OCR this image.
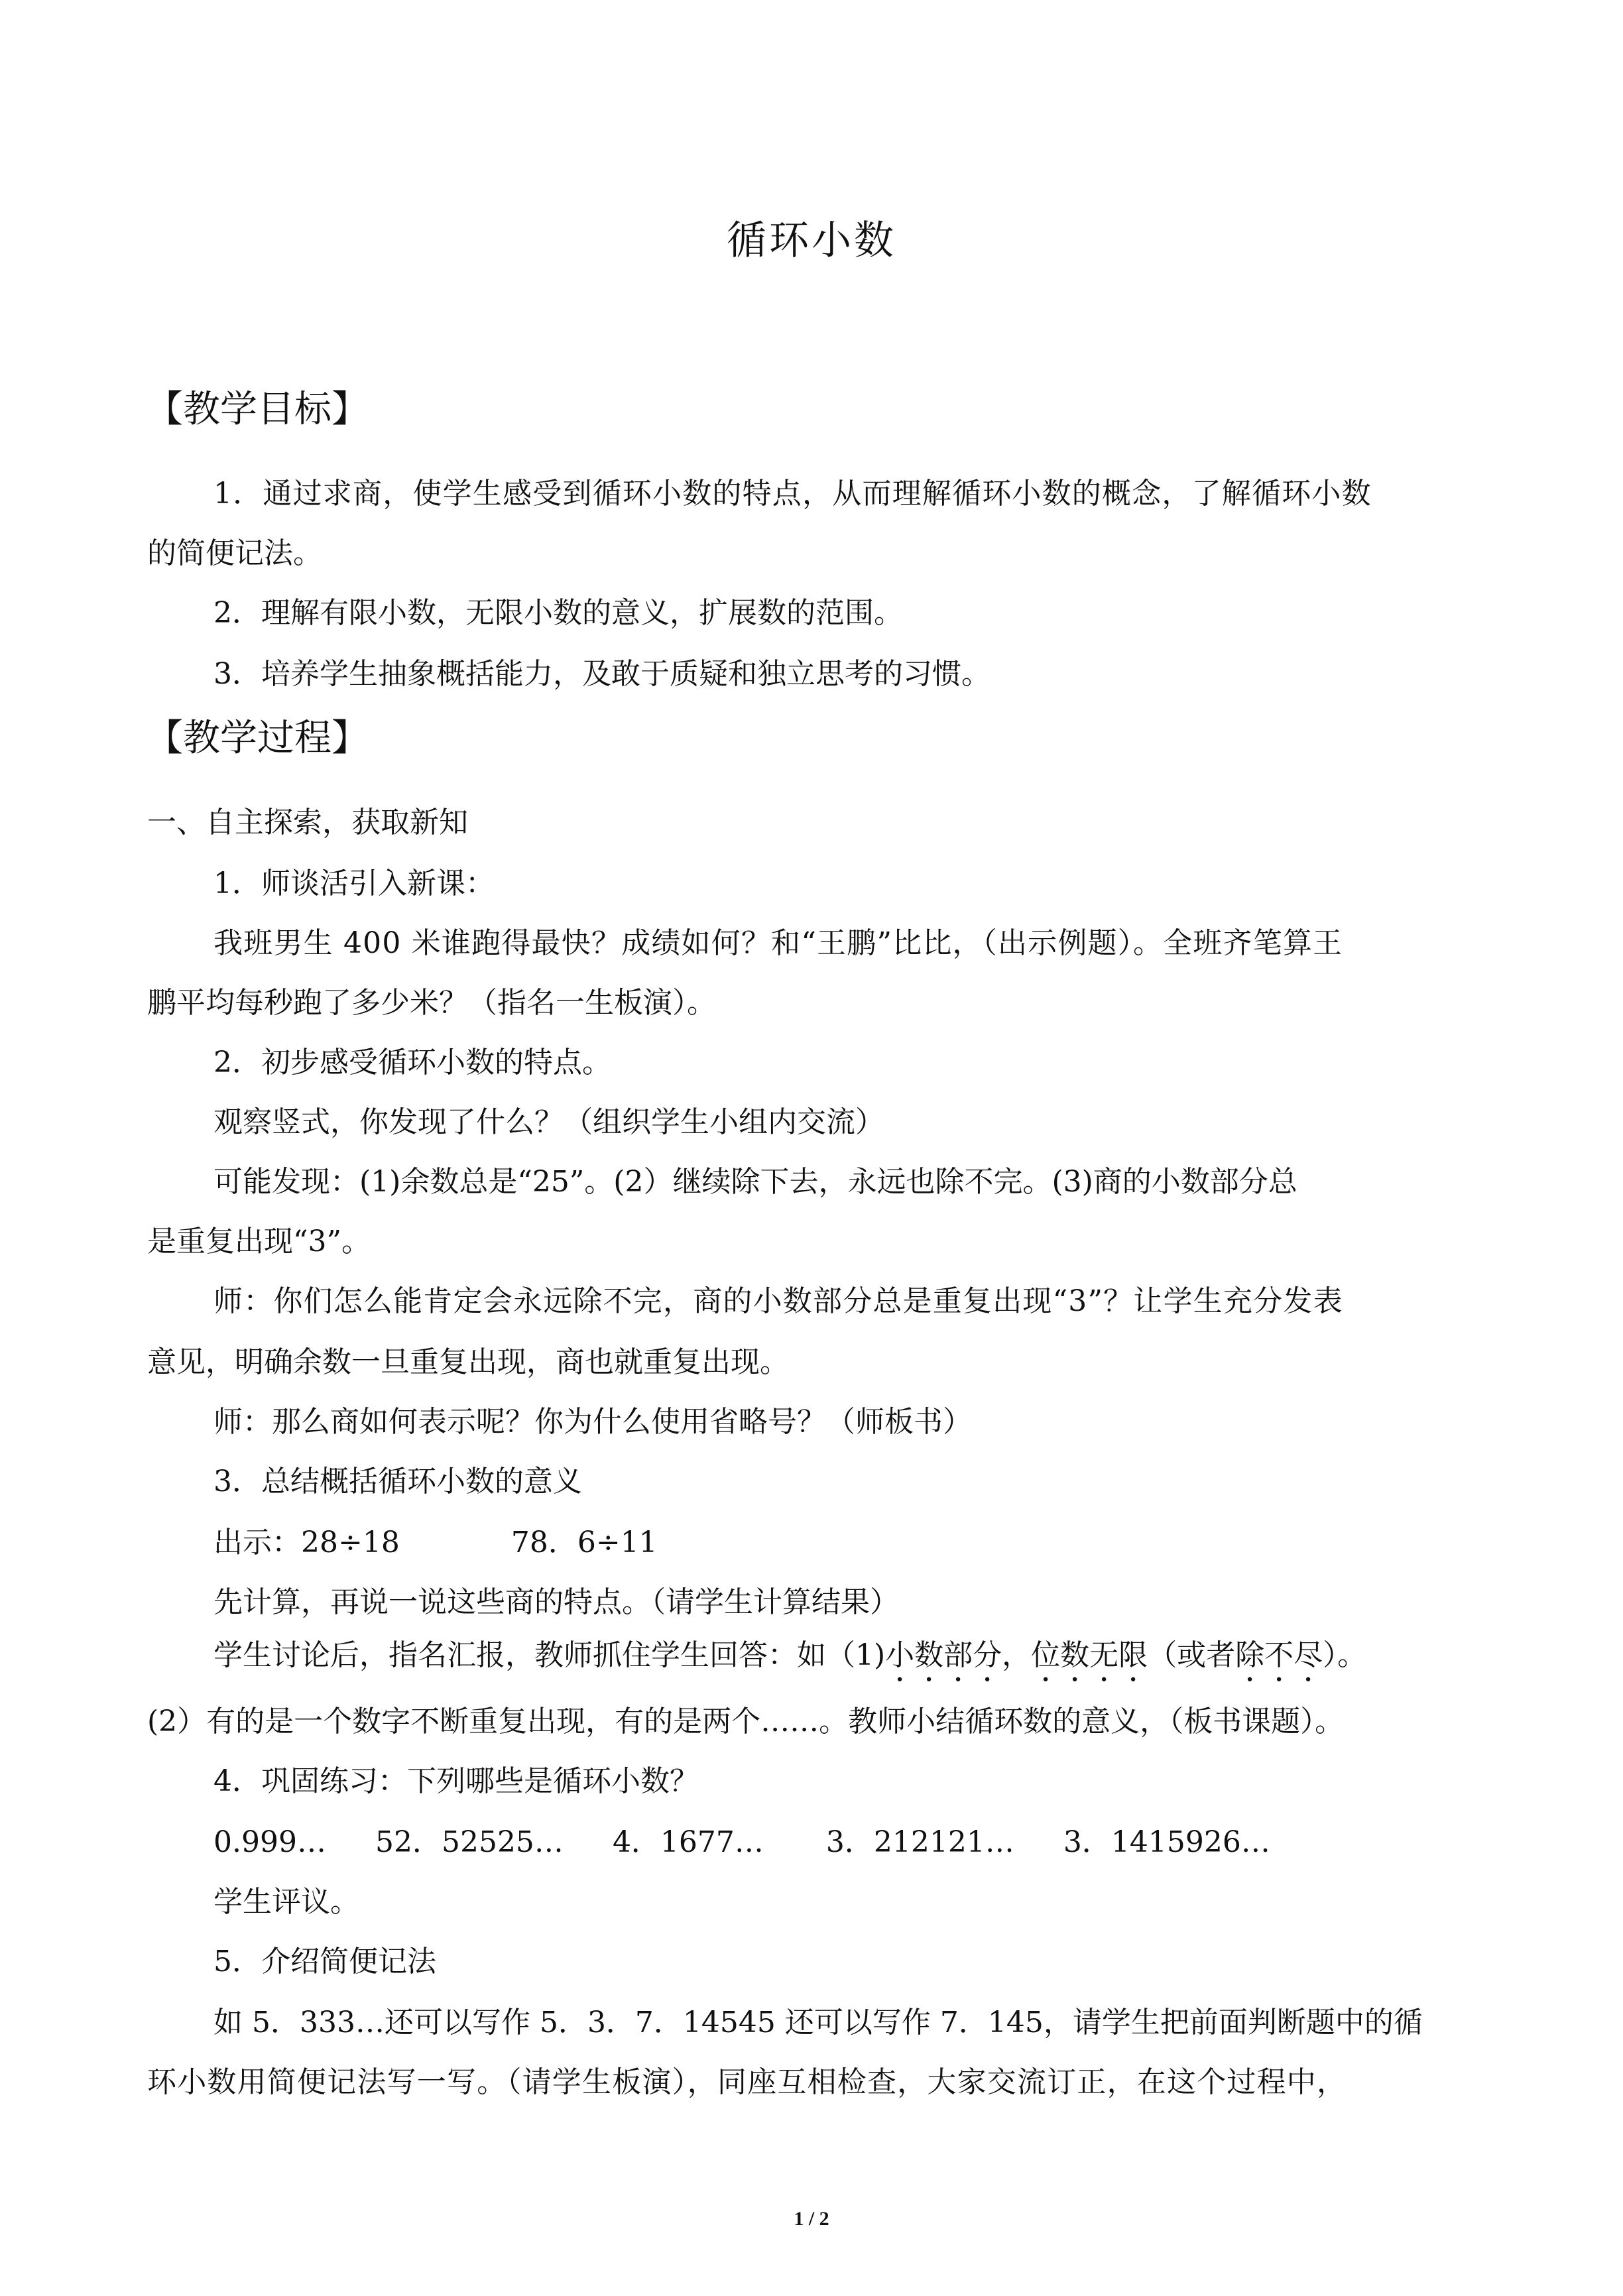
循环小数
【教学目标】
1．通过求商，使学生感受到循环小数的特点，从而理解循环小数的概念，了解循环小数
的简便记法。
2．理解有限小数，无限小数的意义，扩展数的范围。
3．培养学生抽象概括能力，及敢于质疑和独立思考的习惯。
【教学过程】
一、自主探索，获取新知
1．师谈活引入新课：
我班男生 400 米谁跑得最快？成绩如何？和“王鹏”比比，（出示例题）。全班齐笔算王
鹏平均每秒跑了多少米？（指名一生板演）。
2．初步感受循环小数的特点。
观察竖式，你发现了什么？（组织学生小组内交流）
可能发现：(1)余数总是“25”。(2）继续除下去，永远也除不完。(3)商的小数部分总
是重复出现“3”。
师：你们怎么能肯定会永远除不完，商的小数部分总是重复出现“3”？让学生充分发表
意见，明确余数一旦重复出现，商也就重复出现。
师：那么商如何表示呢？你为什么使用省略号？（师板书）
3．总结概括循环小数的意义
出示：28÷18	78．6÷11
先计算，再说一说这些商的特点。（请学生计算结果）
学生讨论后，指名汇报，教师抓住学生回答：如（1)小数部分，位数无限（或者除不尽）。
(2）有的是一个数字不断重复出现，有的是两个……。教师小结循环数的意义，（板书课题）。
4．巩固练习：下列哪些是循环小数？
0.999… 52．52525… 4．1677… 3．212121… 3．1415926…
学生评议。
5．介绍简便记法
如 5．333…还可以写作 5．3．7．14545 还可以写作 7．145，请学生把前面判断题中的循
环小数用简便记法写一写。（请学生板演），同座互相检查，大家交流订正，在这个过程中，
1 / 2
